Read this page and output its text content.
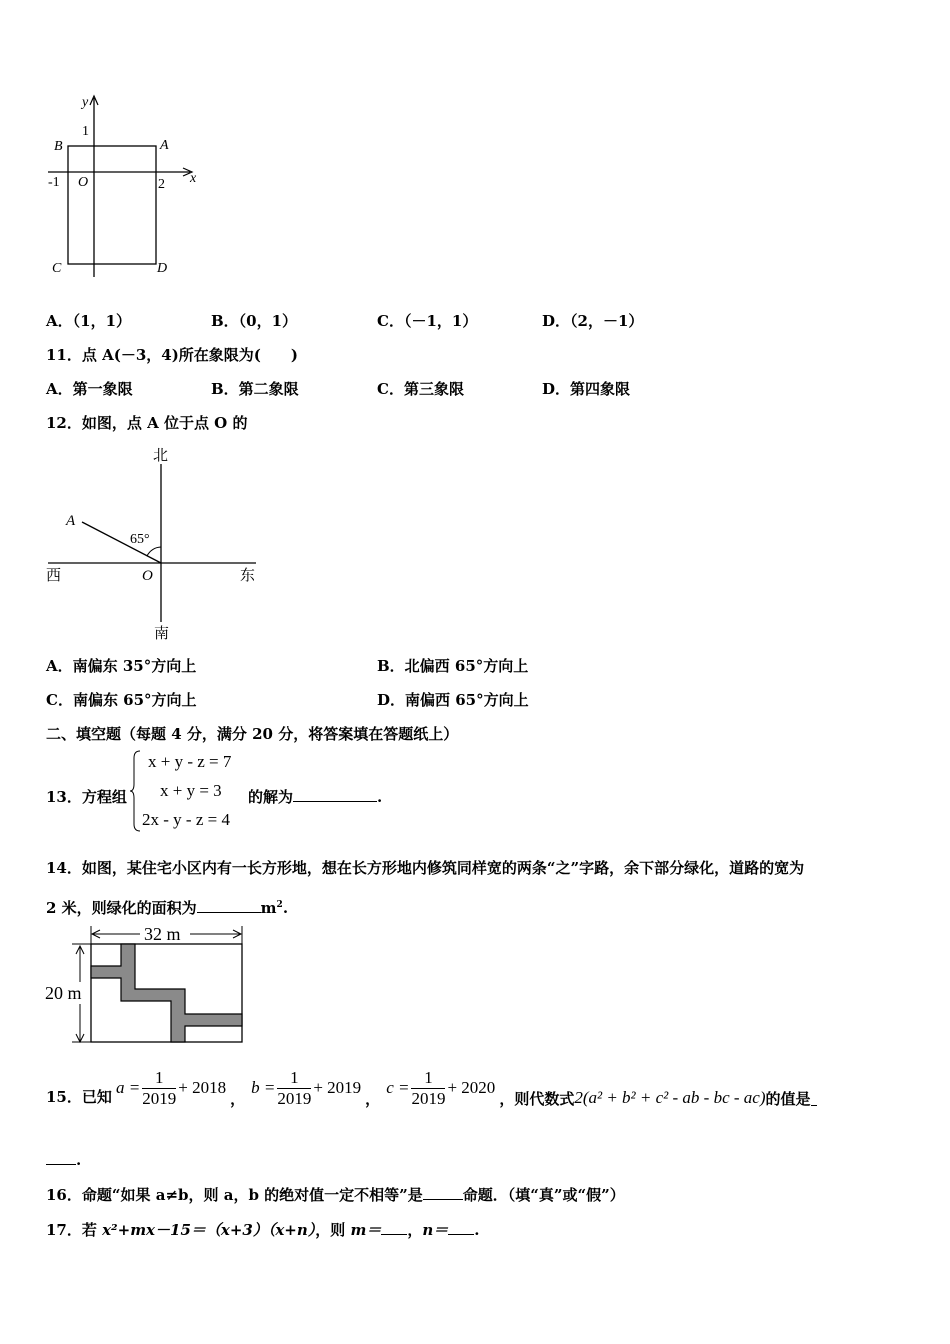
y
x
1
-1	2
O
A
B
C	D
A．（1，1）	B．（0，1）	C．（－1，1）	D．（2，－1）
11．点 A(－3，4)所在象限为(　　)
A．第一象限	B．第二象限	C．第三象限	D．第四象限
12．如图，点 A 位于点 O 的
北
南
西	东
O
A
65°
A．南偏东 35°方向上	B．北偏西 65°方向上
C．南偏东 65°方向上	D．南偏西 65°方向上
二、填空题（每题 4 分，满分 20 分，将答案填在答题纸上）
13．方程组
x + y - z = 7
x + y = 3
2x - y - z = 4
的解为	.
14．如图，某住宅小区内有一长方形地，想在长方形地内修筑同样宽的两条“之”字路，余下部分绿化，道路的宽为
2 米，则绿化的面积为	$m^2$.
32 m
20 m
15．已知 $a = \frac{1}{2019} + 2018$
，
$b = \frac{1}{2019} + 2019$
，
$c = \frac{1}{2019} + 2020$
，则代数式 2(a² + b² + c² - ab - bc - ac) 的值是
.
16．命题“如果 a≠b，则 a，b 的绝对值一定不相等”是	命题．（填“真”或“假”）
17．若 x²+mx－15＝（x+3）（x+n），则 m＝ ，n＝ .
